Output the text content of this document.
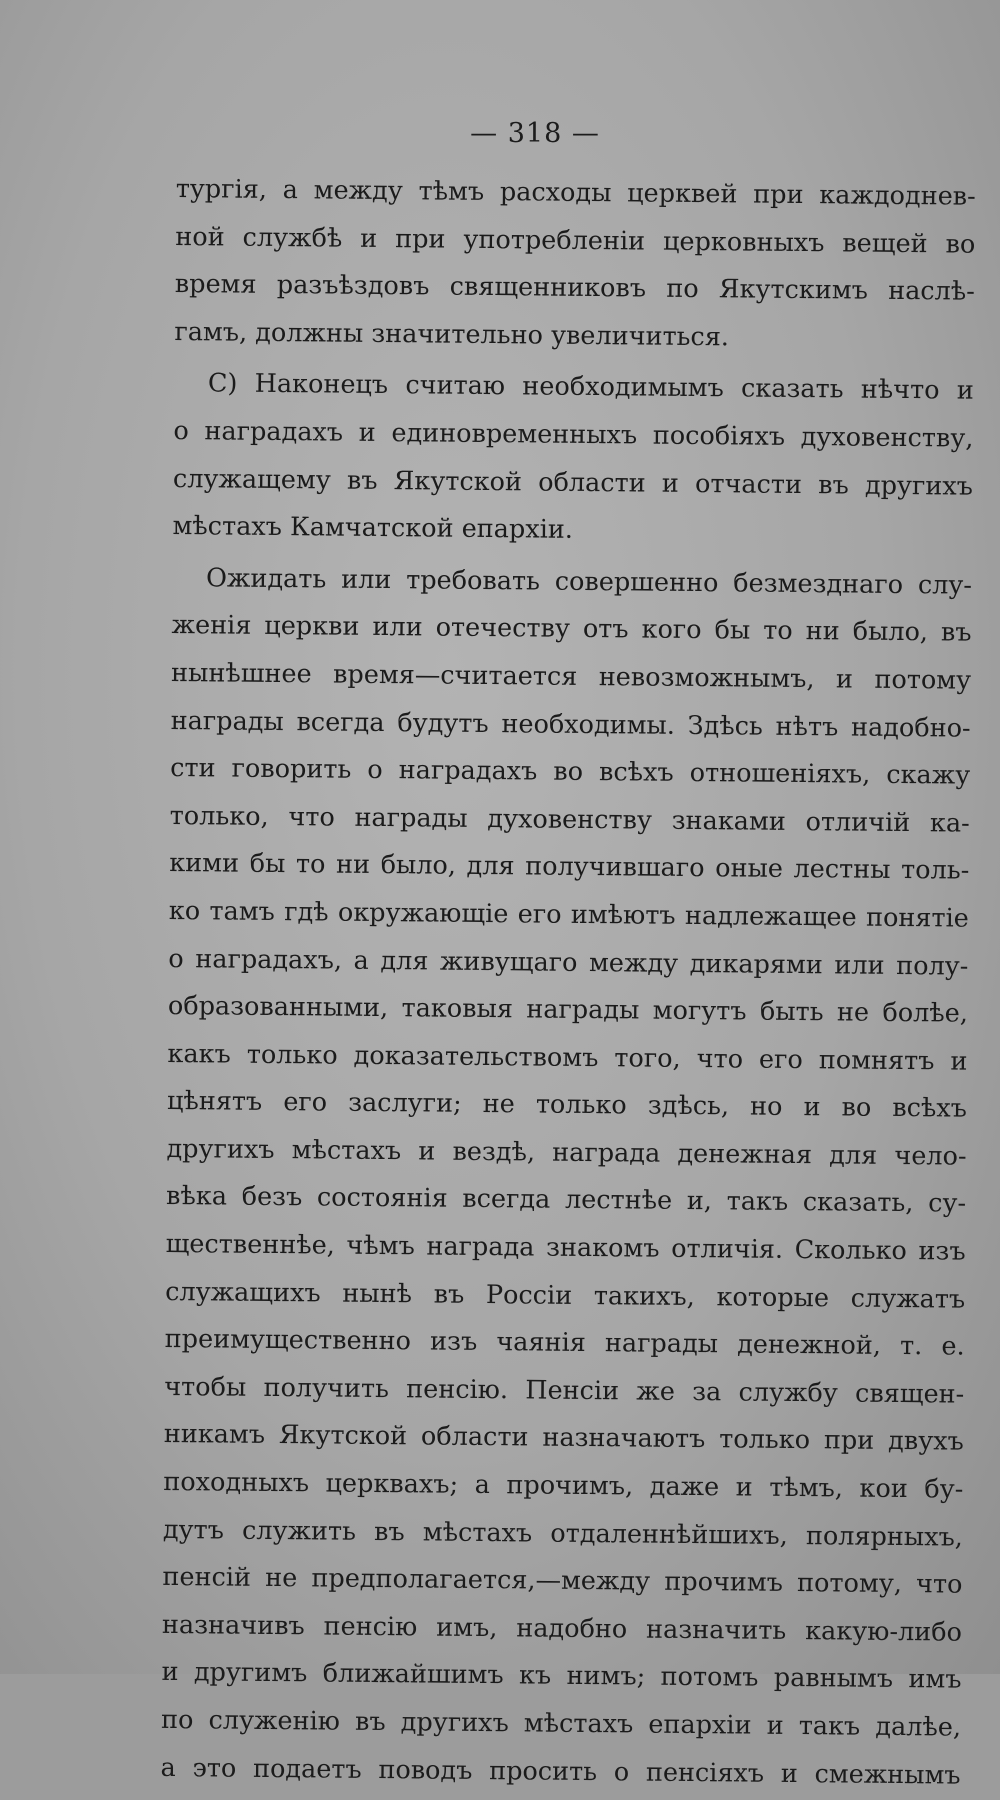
— 318 —
тургія, а между тѣмъ расходы церквей при каждоднев-
ной службѣ и при употребленіи церковныхъ вещей во
время разъѣздовъ священниковъ по Якутскимъ наслѣ-
гамъ, должны значительно увеличиться.
С) Наконецъ считаю необходимымъ сказать нѣчто и
о наградахъ и единовременныхъ пособіяхъ духовенству,
служащему въ Якутской области и отчасти въ другихъ
мѣстахъ Камчатской епархіи.
Ожидать или требовать совершенно безмезднаго слу-
женія церкви или отечеству отъ кого бы то ни было, въ
нынѣшнее время—считается невозможнымъ, и потому
награды всегда будутъ необходимы. Здѣсь нѣтъ надобно-
сти говорить о наградахъ во всѣхъ отношеніяхъ, скажу
только, что награды духовенству знаками отличій ка-
кими бы то ни было, для получившаго оные лестны толь-
ко тамъ гдѣ окружающіе его имѣютъ надлежащее понятіе
о наградахъ, а для живущаго между дикарями или полу-
образованными, таковыя награды могутъ быть не болѣе,
какъ только доказательствомъ того, что его помнятъ и
цѣнятъ его заслуги; не только здѣсь, но и во всѣхъ
другихъ мѣстахъ и вездѣ, награда денежная для чело-
вѣка безъ состоянія всегда лестнѣе и, такъ сказать, су-
щественнѣе, чѣмъ награда знакомъ отличія. Сколько изъ
служащихъ нынѣ въ Россіи такихъ, которые служатъ
преимущественно изъ чаянія награды денежной, т. е.
чтобы получить пенсію. Пенсіи же за службу священ-
никамъ Якутской области назначаютъ только при двухъ
походныхъ церквахъ; а прочимъ, даже и тѣмъ, кои бу-
дутъ служить въ мѣстахъ отдаленнѣйшихъ, полярныхъ,
пенсій не предполагается,—между прочимъ потому, что
назначивъ пенсію имъ, надобно назначить какую-либо
и другимъ ближайшимъ къ нимъ; потомъ равнымъ имъ
по служенію въ другихъ мѣстахъ епархіи и такъ далѣе,
а это подаетъ поводъ просить о пенсіяхъ и смежнымъ
